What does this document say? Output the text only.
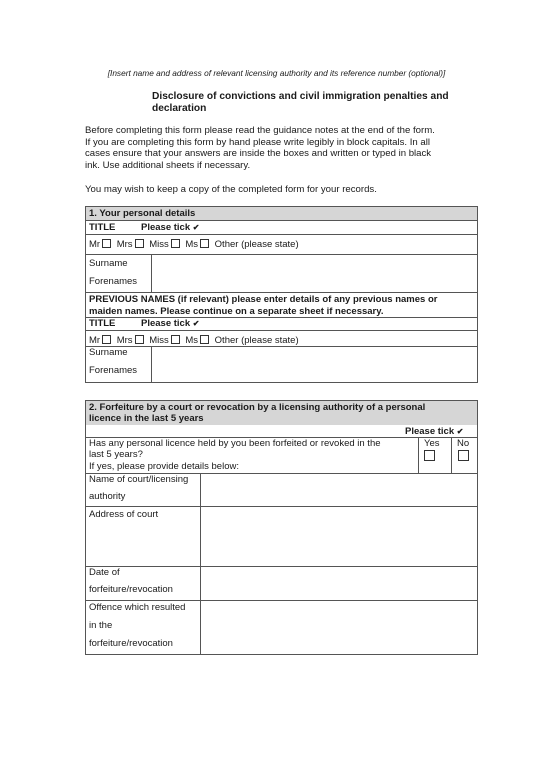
[Insert name and address of relevant licensing authority and its reference number (optional)]
Disclosure of convictions and civil immigration penalties and
declaration
Before completing this form please read the guidance notes at the end of the form.
If you are completing this form by hand please write legibly in block capitals. In all
cases ensure that your answers are inside the boxes and written or typed in black
ink. Use additional sheets if necessary.
You may wish to keep a copy of the completed form for your records.
1. Your personal details
TITLE	Please tick ✔
Mr Mrs Miss Ms Other (please state)
Surname
Forenames
PREVIOUS NAMES (if relevant) please enter details of any previous names or
maiden names. Please continue on a separate sheet if necessary.
TITLE	Please tick ✔
Mr Mrs Miss Ms Other (please state)
Surname
Forenames
2. Forfeiture by a court or revocation by a licensing authority of a personal
licence in the last 5 years
Please tick ✔
Has any personal licence held by you been forfeited or revoked in the
last 5 years?
If yes, please provide details below:
Yes No
Name of court/licensing
authority
Address of court
Date of
forfeiture/revocation
Offence which resulted
in the
forfeiture/revocation
